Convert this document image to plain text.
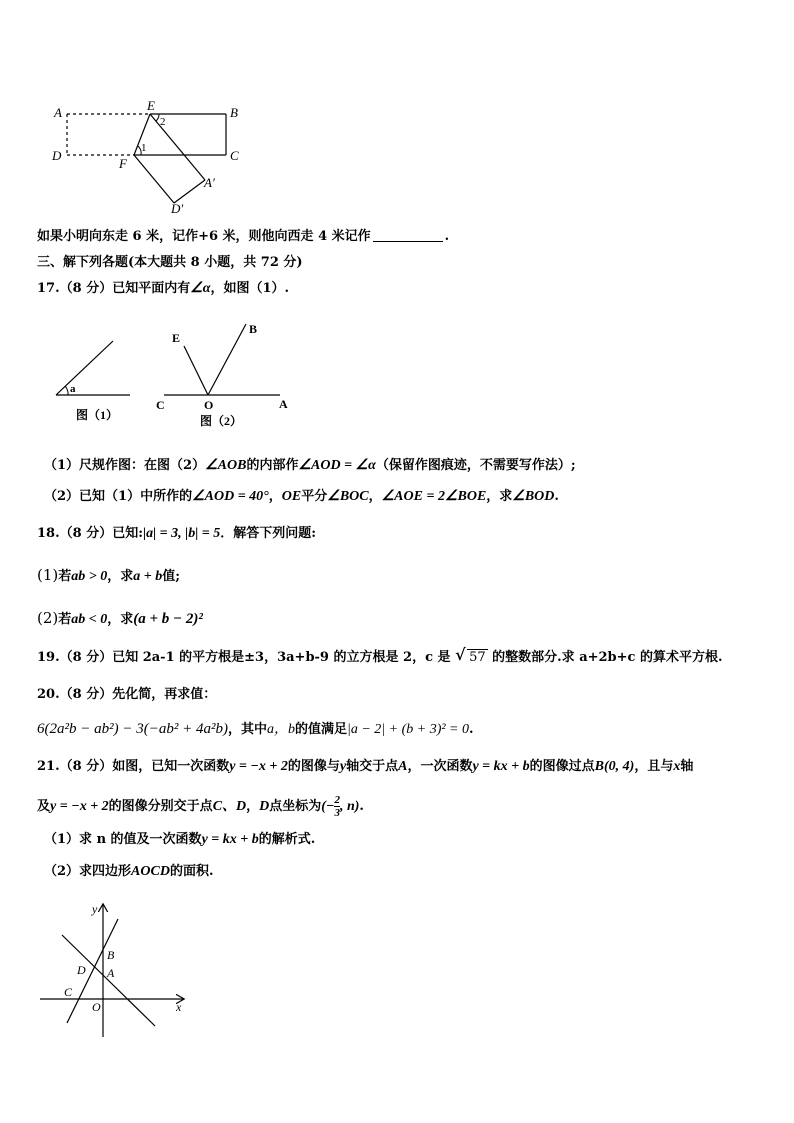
A	E	B
D
F
C
A′
D′
1
2
如果小明向东走 6 米，记作+6 米，则他向西走 4 米记作	.
三、解下列各题(本大题共 8 小题，共 72 分)
17.（8 分）已知平面内有∠α，如图（1）.
a
图（1）
E
B
C	O	A
图（2）
（1）尺规作图：在图（2）∠AOB的内部作∠AOD = ∠α（保留作图痕迹，不需要写作法）;
（2）已知（1）中所作的∠AOD = 40°，OE平分∠BOC，∠AOE = 2∠BOE，求∠BOD.
18.（8 分）已知:|a| = 3, |b| = 5．解答下列问题:
(1)若ab > 0，求a + b值;
(2)若ab < 0，求(a + b − 2)²
19.（8 分）已知 2a-1 的平方根是±3，3a+b-9 的立方根是 2，c 是 √ 57 的整数部分.求 a+2b+c 的算术平方根.
20.（8 分）先化简，再求值：
6(2a²b − ab²) − 3(−ab² + 4a²b)，其中a，b的值满足|a − 2| + (b + 3)² = 0.
21.（8 分）如图，已知一次函数y = −x + 2的图像与y轴交于点A，一次函数y = kx + b的图像过点B(0, 4)，且与x轴
及y = −x + 2的图像分别交于点C、D，D点坐标为(− $\frac{2}{3}$ , n).
（1）求 n 的值及一次函数y = kx + b的解析式.
（2）求四边形AOCD的面积.
y
x
B
D A
C
O
